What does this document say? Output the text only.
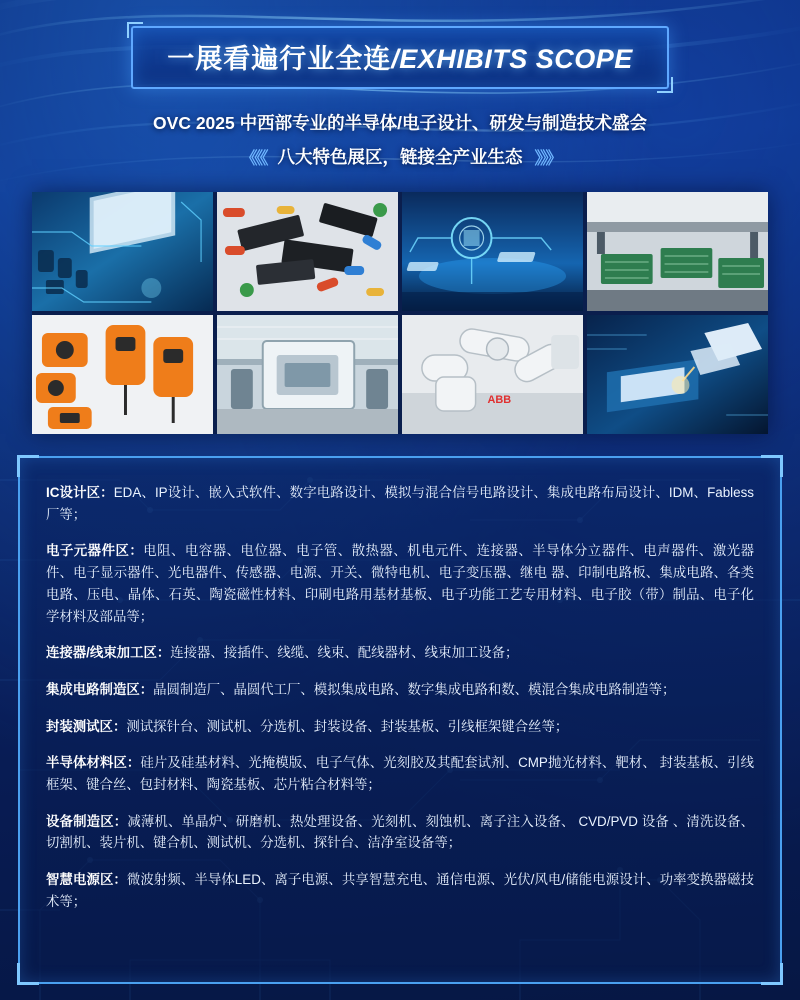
一展看遍行业全连/EXHIBITS SCOPE
OVC 2025 中西部专业的半导体/电子设计、研发与制造技术盛会
《《《 八大特色展区，链接全产业生态 》》》
ABB

IC设计区：EDA、IP设计、嵌入式软件、数字电路设计、模拟与混合信号电路设计、集成电路布局设计、IDM、Fabless厂等；

电子元器件区：电阻、电容器、电位器、电子管、散热器、机电元件、连接器、半导体分立器件、电声器件、激光器件、电子显示器件、光电器件、传感器、电源、开关、微特电机、电子变压器、继电 器、印制电路板、集成电路、各类电路、压电、晶体、石英、陶瓷磁性材料、印刷电路用基材基板、电子功能工艺专用材料、电子胶（带）制品、电子化学材料及部品等；

连接器/线束加工区：连接器、接插件、线缆、线束、配线器材、线束加工设备；

集成电路制造区：晶圆制造厂、晶圆代工厂、模拟集成电路、数字集成电路和数、模混合集成电路制造等；

封装测试区：测试探针台、测试机、分选机、封装设备、封装基板、引线框架键合丝等；

半导体材料区：硅片及硅基材料、光掩模版、电子气体、光刻胶及其配套试剂、CMP抛光材料、靶材、 封装基板、引线框架、键合丝、包封材料、陶瓷基板、芯片粘合材料等；

设备制造区：减薄机、单晶炉、研磨机、热处理设备、光刻机、刻蚀机、离子注入设备、 CVD/PVD 设备 、清洗设备、切割机、装片机、键合机、测试机、分选机、探针台、洁净室设备等；

智慧电源区：微波射频、半导体LED、离子电源、共享智慧充电、通信电源、光伏/风电/储能电源设计、功率变换器磁技术等；
